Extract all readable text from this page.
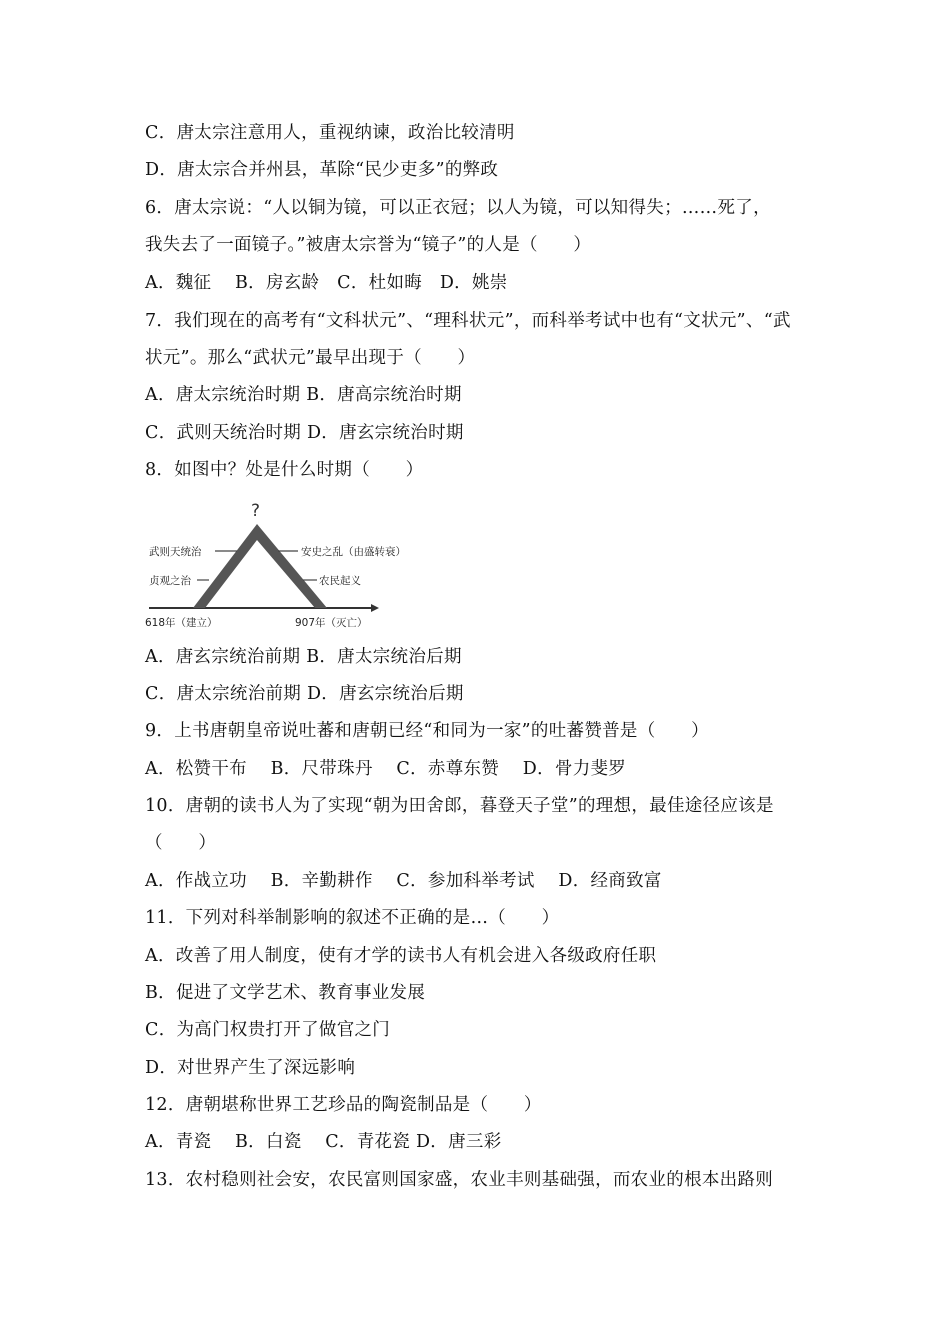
C．唐太宗注意用人，重视纳谏，政治比较清明
D．唐太宗合并州县，革除“民少吏多”的弊政
6．唐太宗说：“人以铜为镜，可以正衣冠；以人为镜，可以知得失；……死了，
我失去了一面镜子。”被唐太宗誉为“镜子”的人是（　　）
A．魏征　 B．房玄龄　C．杜如晦　D．姚崇
7．我们现在的高考有“文科状元”、“理科状元”，而科举考试中也有“文状元”、“武
状元”。那么“武状元”最早出现于（　　）
A．唐太宗统治时期 B．唐高宗统治时期
C．武则天统治时期 D．唐玄宗统治时期
8．如图中？处是什么时期（　　）
?
武则天统治
贞观之治
安史之乱（由盛转衰）
农民起义
618年（建立）	907年（灭亡）
A．唐玄宗统治前期 B．唐太宗统治后期
C．唐太宗统治前期 D．唐玄宗统治后期
9．上书唐朝皇帝说吐蕃和唐朝已经“和同为一家”的吐蕃赞普是（　　）
A．松赞干布　 B．尺带珠丹　 C．赤尊东赞　 D．骨力斐罗
10．唐朝的读书人为了实现“朝为田舍郎，暮登天子堂”的理想，最佳途径应该是
（　　）
A．作战立功　 B．辛勤耕作　 C．参加科举考试　 D．经商致富
11．下列对科举制影响的叙述不正确的是…（　　）
A．改善了用人制度，使有才学的读书人有机会进入各级政府任职
B．促进了文学艺术、教育事业发展
C．为高门权贵打开了做官之门
D．对世界产生了深远影响
12．唐朝堪称世界工艺珍品的陶瓷制品是（　　）
A．青瓷　 B．白瓷　 C．青花瓷 D．唐三彩
13．农村稳则社会安，农民富则国家盛，农业丰则基础强，而农业的根本出路则
